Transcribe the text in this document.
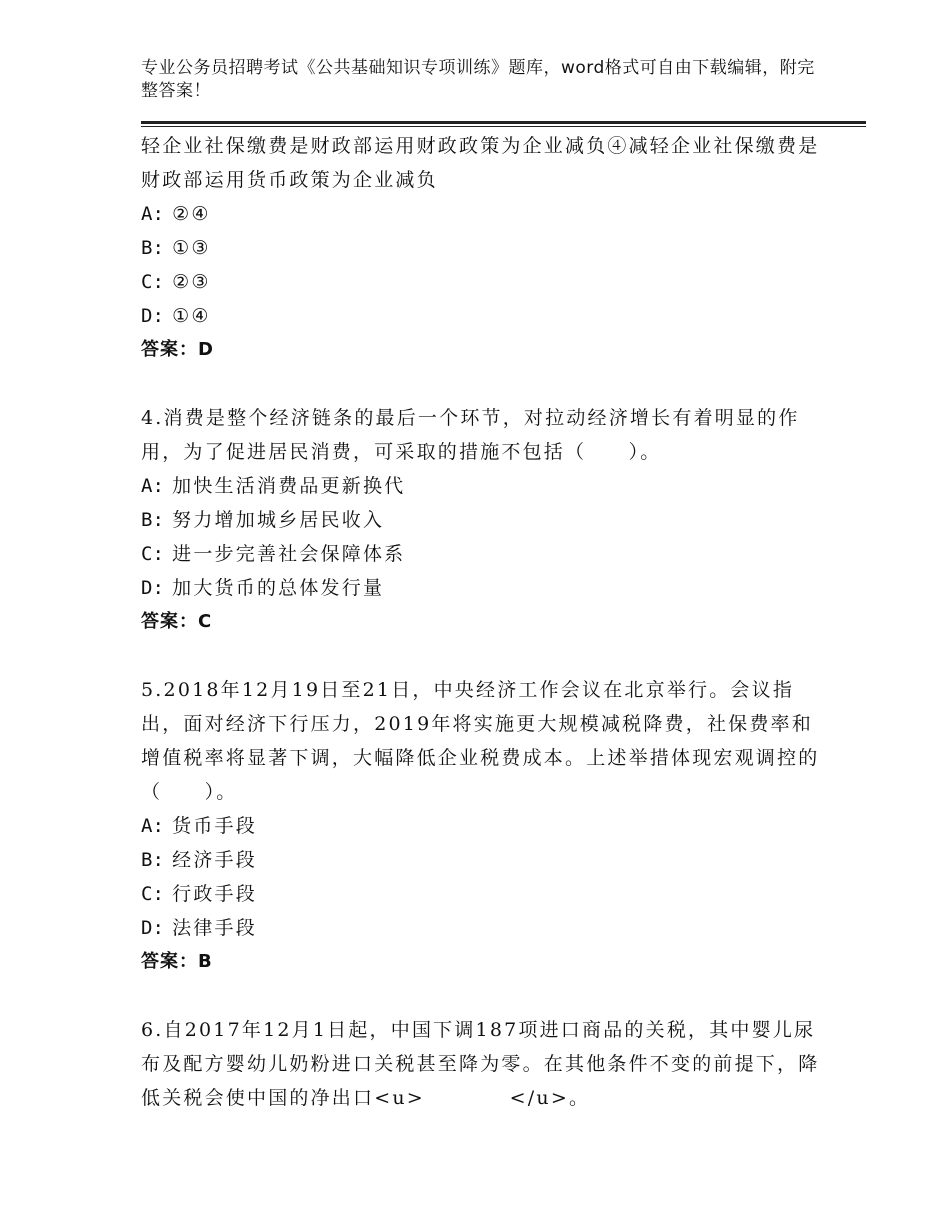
专业公务员招聘考试《公共基础知识专项训练》题库，word格式可自由下载编辑，附完整答案！

轻企业社保缴费是财政部运用财政政策为企业减负④减轻企业社保缴费是财政部运用货币政策为企业减负

A: ②④

B: ①③

C: ②③

D: ①④

答案：D

4.消费是整个经济链条的最后一个环节，对拉动经济增长有着明显的作用，为了促进居民消费，可采取的措施不包括（　　）。

A: 加快生活消费品更新换代

B: 努力增加城乡居民收入

C: 进一步完善社会保障体系

D: 加大货币的总体发行量

答案：C

5.2018年12月19日至21日，中央经济工作会议在北京举行。会议指出，面对经济下行压力，2019年将实施更大规模减税降费，社保费率和增值税率将显著下调，大幅降低企业税费成本。上述举措体现宏观调控的（　　）。

A: 货币手段

B: 经济手段

C: 行政手段

D: 法律手段

答案：B

6.自2017年12月1日起，中国下调187项进口商品的关税，其中婴儿尿布及配方婴幼儿奶粉进口关税甚至降为零。在其他条件不变的前提下，降低关税会使中国的净出口<u>　　　　</u>。
